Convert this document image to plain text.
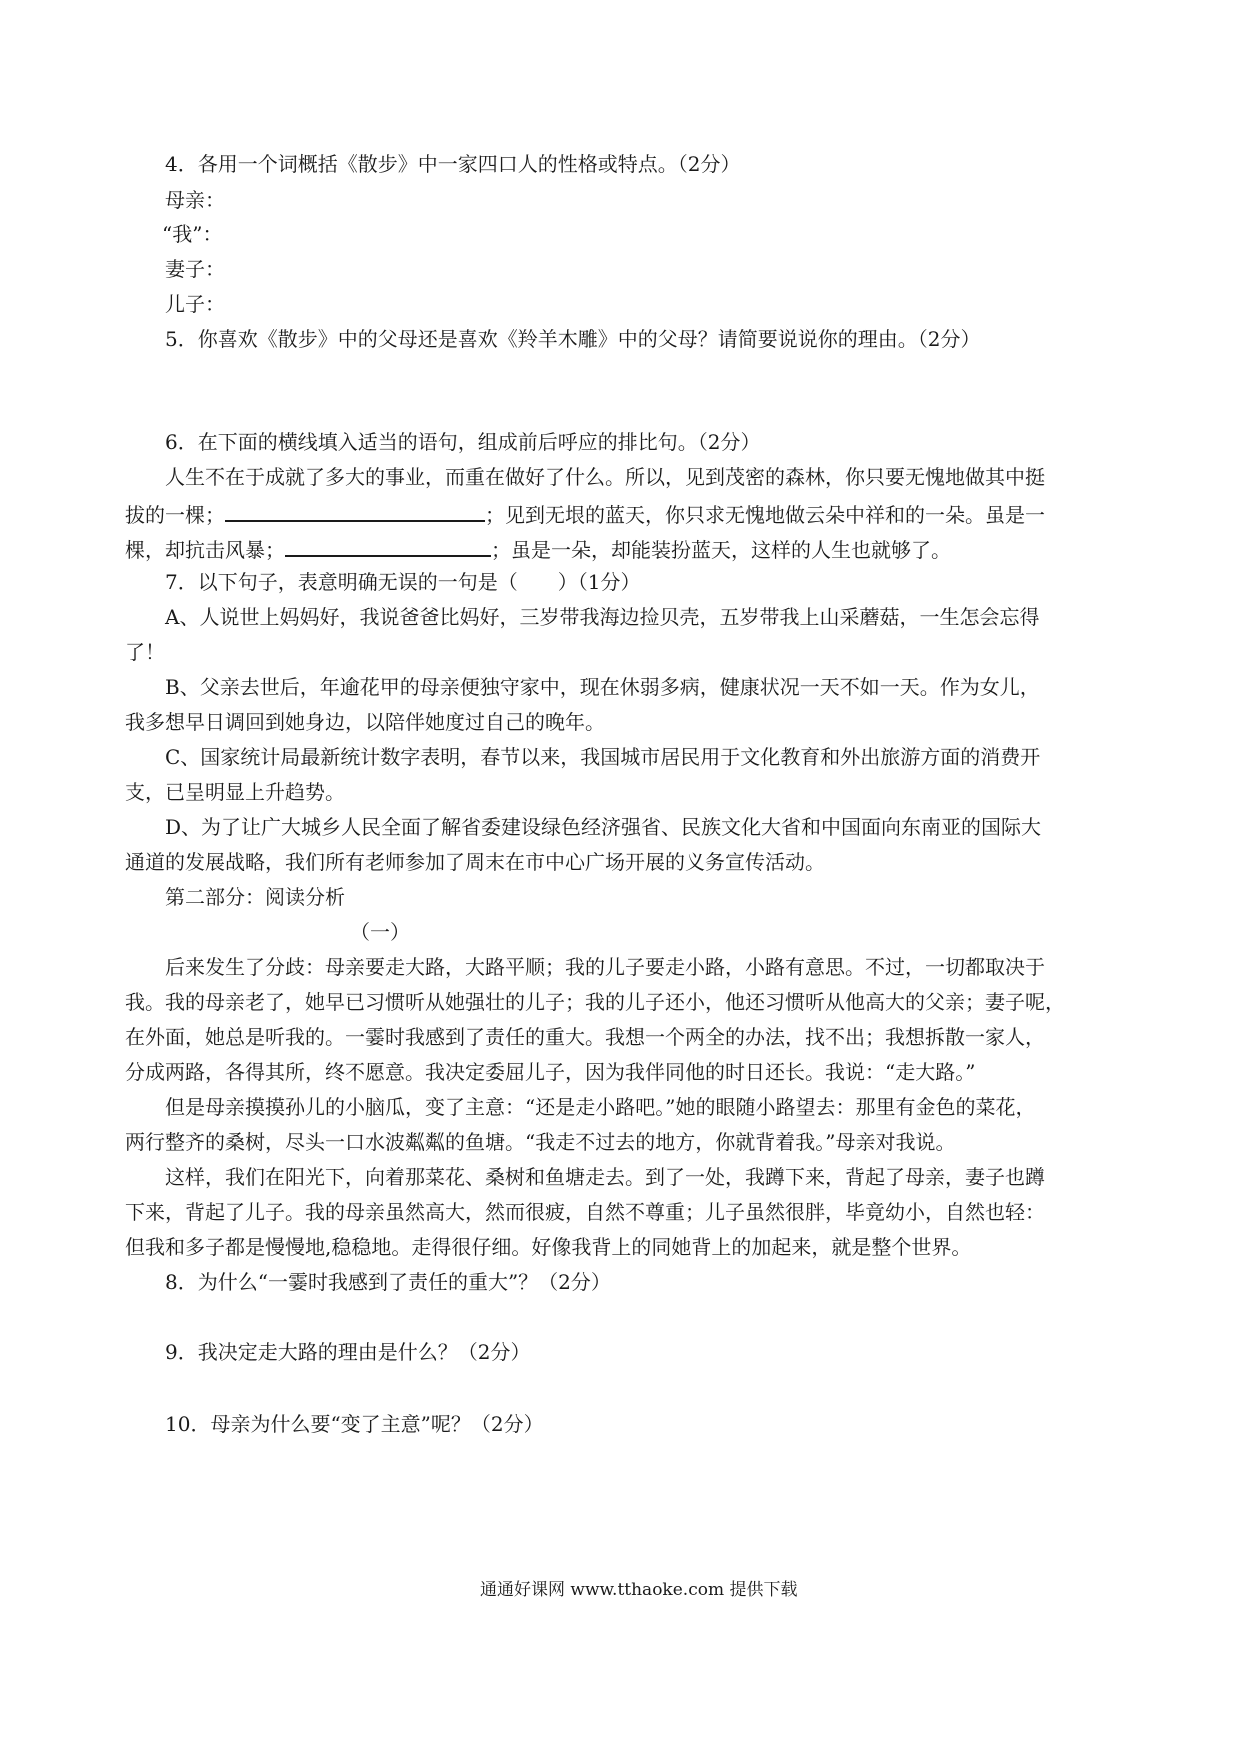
4．各用一个词概括《散步》中一家四口人的性格或特点。（2分）
母亲：
“我”：
妻子：
儿子：
5．你喜欢《散步》中的父母还是喜欢《羚羊木雕》中的父母？请简要说说你的理由。（2分）
6．在下面的横线填入适当的语句，组成前后呼应的排比句。（2分）
人生不在于成就了多大的事业，而重在做好了什么。所以，见到茂密的森林，你只要无愧地做其中挺
拔的一棵；	；见到无垠的蓝天，你只求无愧地做云朵中祥和的一朵。虽是一
棵，却抗击风暴；	；虽是一朵，却能装扮蓝天，这样的人生也就够了。
7．以下句子，表意明确无误的一句是（　　）（1分）
A、人说世上妈妈好，我说爸爸比妈好，三岁带我海边捡贝壳，五岁带我上山采蘑菇，一生怎会忘得
了！
B、父亲去世后，年逾花甲的母亲便独守家中，现在休弱多病，健康状况一天不如一天。作为女儿，
我多想早日调回到她身边，以陪伴她度过自己的晚年。
C、国家统计局最新统计数字表明，春节以来，我国城市居民用于文化教育和外出旅游方面的消费开
支，已呈明显上升趋势。
D、为了让广大城乡人民全面了解省委建设绿色经济强省、民族文化大省和中国面向东南亚的国际大
通道的发展战略，我们所有老师参加了周末在市中心广场开展的义务宣传活动。
第二部分：阅读分析
（一）
后来发生了分歧：母亲要走大路，大路平顺；我的儿子要走小路，小路有意思。不过，一切都取决于
我。我的母亲老了，她早已习惯听从她强壮的儿子；我的儿子还小，他还习惯听从他高大的父亲；妻子呢，
在外面，她总是听我的。一霎时我感到了责任的重大。我想一个两全的办法，找不出；我想拆散一家人，
分成两路，各得其所，终不愿意。我决定委屈儿子，因为我伴同他的时日还长。我说：“走大路。”
但是母亲摸摸孙儿的小脑瓜，变了主意：“还是走小路吧。”她的眼随小路望去：那里有金色的菜花，
两行整齐的桑树，尽头一口水波粼粼的鱼塘。“我走不过去的地方，你就背着我。”母亲对我说。
这样，我们在阳光下，向着那菜花、桑树和鱼塘走去。到了一处，我蹲下来，背起了母亲，妻子也蹲
下来，背起了儿子。我的母亲虽然高大，然而很疲，自然不尊重；儿子虽然很胖，毕竟幼小，自然也轻：
但我和多子都是慢慢地,稳稳地。走得很仔细。好像我背上的同她背上的加起来，就是整个世界。
8．为什么“一霎时我感到了责任的重大”？（2分）
9．我决定走大路的理由是什么？（2分）
10．母亲为什么要“变了主意”呢？（2分）
通通好课网 www.tthaoke.com 提供下载
